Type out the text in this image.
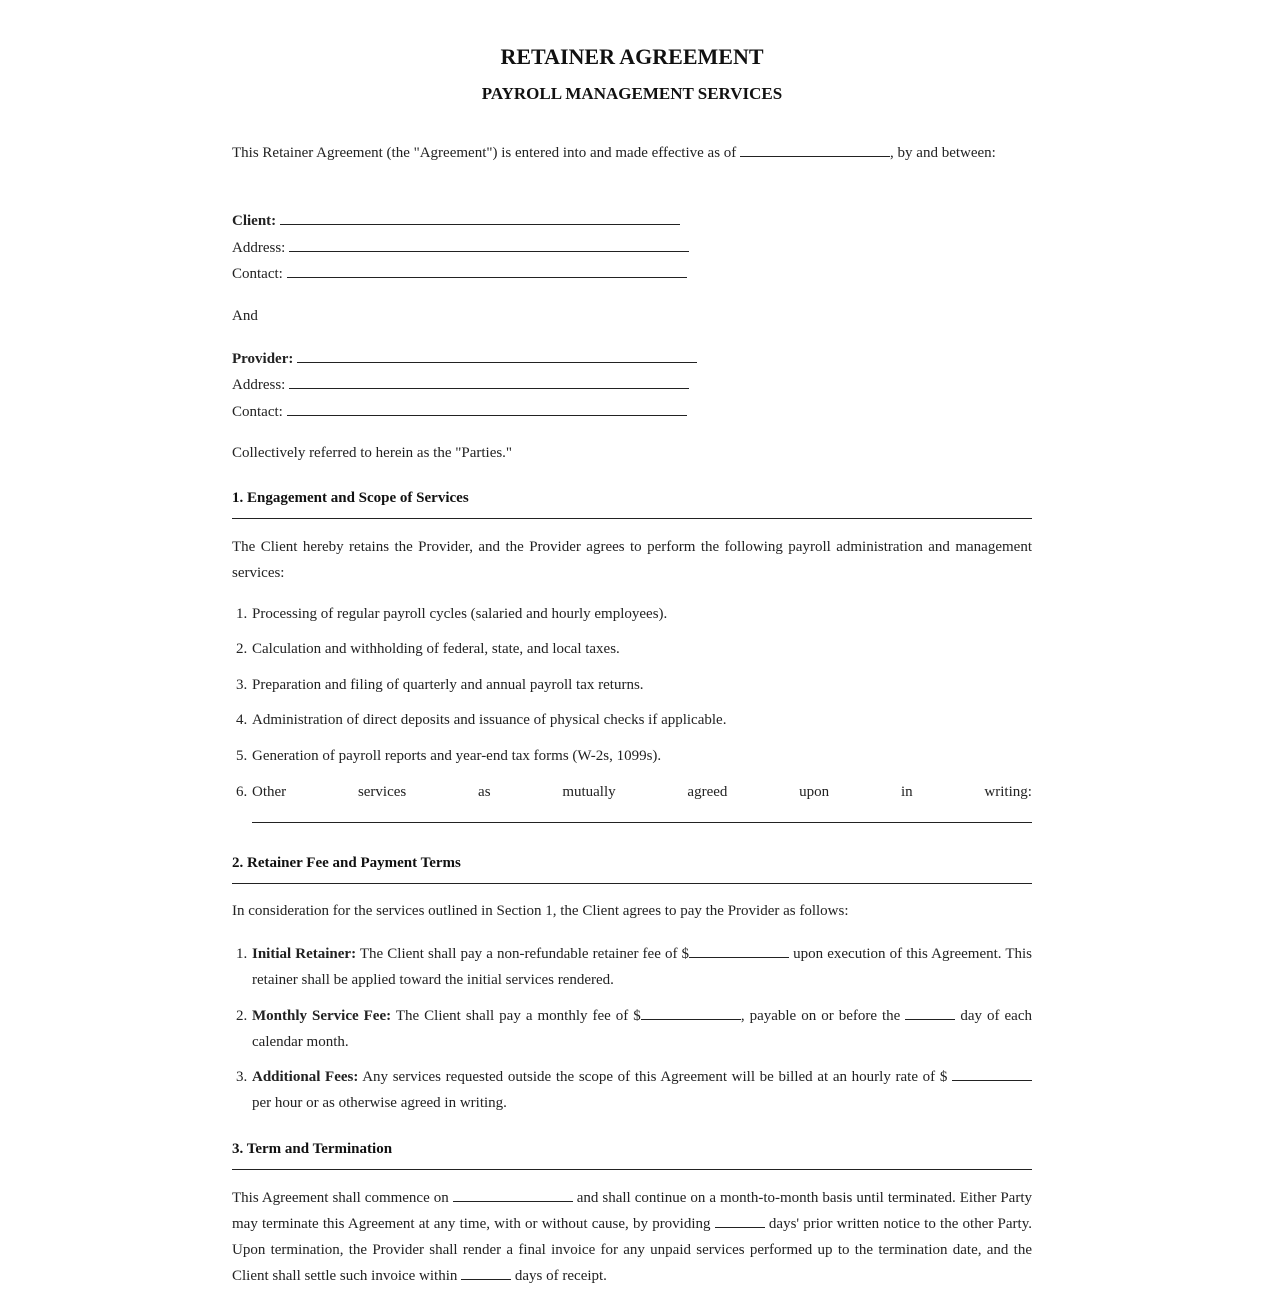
RETAINER AGREEMENT
PAYROLL MANAGEMENT SERVICES
This Retainer Agreement (the "Agreement") is entered into and made effective as of	, by and between:
Client:
Address:
Contact:
And
Provider:
Address:
Contact:
Collectively referred to herein as the "Parties."
1. Engagement and Scope of Services
The Client hereby retains the Provider, and the Provider agrees to perform the following payroll administration and management services:
1. Processing of regular payroll cycles (salaried and hourly employees).
2. Calculation and withholding of federal, state, and local taxes.
3. Preparation and filing of quarterly and annual payroll tax returns.
4. Administration of direct deposits and issuance of physical checks if applicable.
5. Generation of payroll reports and year-end tax forms (W-2s, 1099s).
6. Other	services	as	mutually	agreed	upon	in	writing:
2. Retainer Fee and Payment Terms
In consideration for the services outlined in Section 1, the Client agrees to pay the Provider as follows:
1. Initial Retainer: The Client shall pay a non-refundable retainer fee of $	upon execution of this Agreement. This retainer shall be applied toward the initial services rendered.
2. Monthly Service Fee: The Client shall pay a monthly fee of $	, payable on or before the	day of each calendar month.
3. Additional Fees: Any services requested outside the scope of this Agreement will be billed at an hourly rate of $  per hour or as otherwise agreed in writing.
3. Term and Termination
This Agreement shall commence on	and shall continue on a month-to-month basis until terminated. Either Party may terminate this Agreement at any time, with or without cause, by providing	days' prior written notice to the other Party. Upon termination, the Provider shall render a final invoice for any unpaid services performed up to the termination date, and the Client shall settle such invoice within	days of receipt.
